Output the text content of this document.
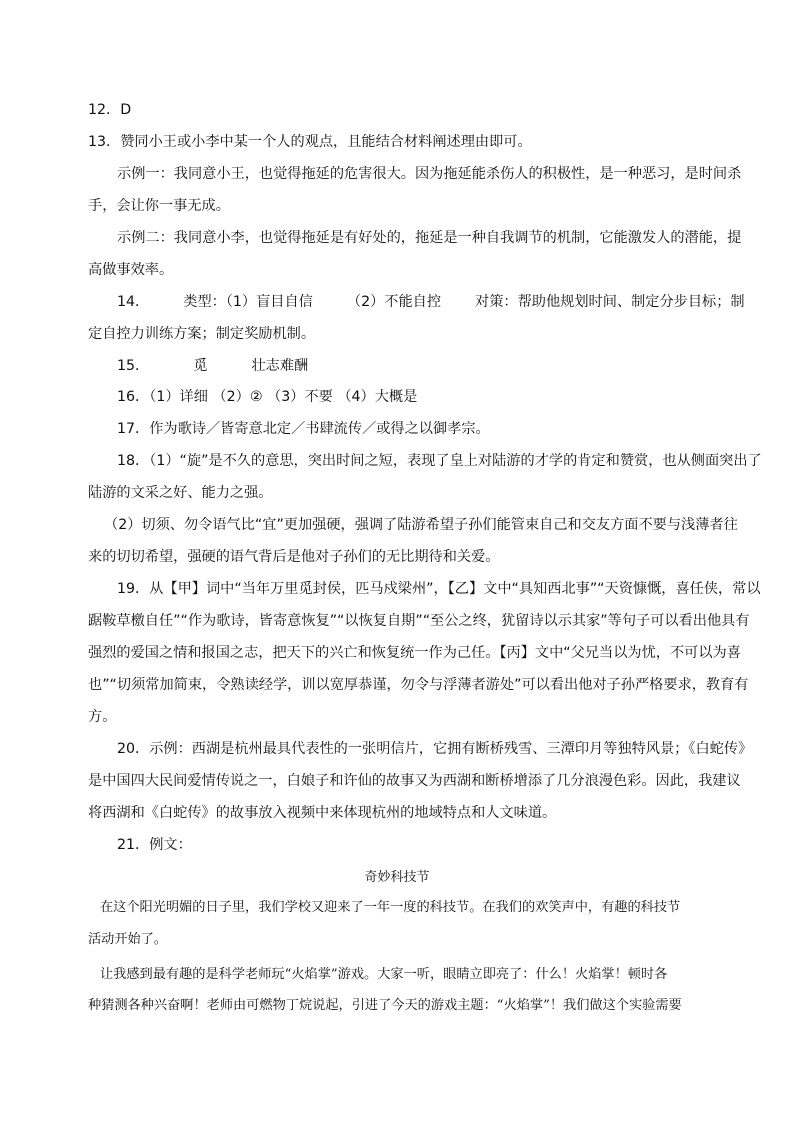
12．D
13．赞同小王或小李中某一个人的观点，且能结合材料阐述理由即可。
示例一：我同意小王，也觉得拖延的危害很大。因为拖延能杀伤人的积极性，是一种恶习，是时间杀
手，会让你一事无成。
示例二：我同意小李，也觉得拖延是有好处的，拖延是一种自我调节的机制，它能激发人的潜能，提
高做事效率。
14． 类型：（1）盲目自信 （2）不能自控 对策：帮助他规划时间、制定分步目标；制
定自控力训练方案；制定奖励机制。
15．	觅	壮志难酬
16．（1）详细 （2）② （3）不要 （4）大概是
17．作为歌诗／皆寄意北定／书肆流传／或得之以御孝宗。
18．（1）“旋”是不久的意思，突出时间之短，表现了皇上对陆游的才学的肯定和赞赏，也从侧面突出了
陆游的文采之好、能力之强。
（2）切须、勿令语气比“宜”更加强硬，强调了陆游希望子孙们能管束自己和交友方面不要与浅薄者往
来的切切希望，强硬的语气背后是他对子孙们的无比期待和关爱。
19．从【甲】词中“当年万里觅封侯，匹马戍梁州”，【乙】文中“具知西北事”“天资慷慨，喜任侠，常以
踞鞍草檄自任”“作为歌诗，皆寄意恢复”“以恢复自期”“至公之终，犹留诗以示其家”等句子可以看出他具有
强烈的爱国之情和报国之志，把天下的兴亡和恢复统一作为己任。【丙】文中“父兄当以为忧，不可以为喜
也”“切须常加简束，令熟读经学，训以宽厚恭谨，勿令与浮薄者游处”可以看出他对子孙严格要求，教育有
方。
20．示例：西湖是杭州最具代表性的一张明信片，它拥有断桥残雪、三潭印月等独特风景；《白蛇传》
是中国四大民间爱情传说之一，白娘子和许仙的故事又为西湖和断桥增添了几分浪漫色彩。因此，我建议
将西湖和《白蛇传》的故事放入视频中来体现杭州的地域特点和人文味道。
21．例文：
奇妙科技节
在这个阳光明媚的日子里，我们学校又迎来了一年一度的科技节。在我们的欢笑声中，有趣的科技节
活动开始了。
让我感到最有趣的是科学老师玩“火焰掌”游戏。大家一听，眼睛立即亮了：什么！火焰掌！顿时各
种猜测各种兴奋啊！老师由可燃物丁烷说起，引进了今天的游戏主题：“火焰掌”！我们做这个实验需要
